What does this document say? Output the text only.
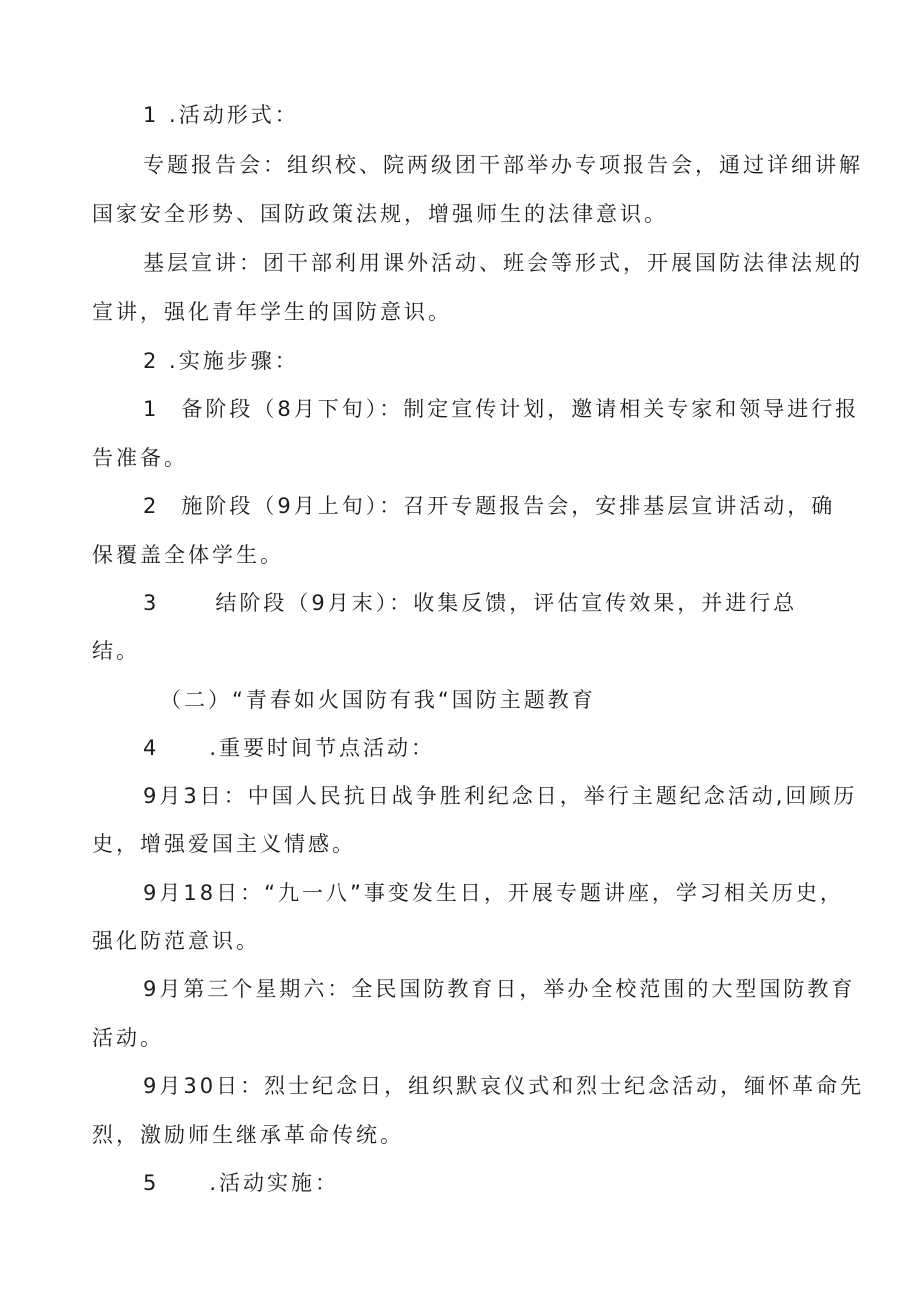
1 .活动形式：
专题报告会：组织校、院两级团干部举办专项报告会，通过详细讲解
国家安全形势、国防政策法规，增强师生的法律意识。
基层宣讲：团干部利用课外活动、班会等形式，开展国防法律法规的
宣讲，强化青年学生的国防意识。
2 .实施步骤：
1 备阶段（8月下旬）：制定宣传计划，邀请相关专家和领导进行报
告准备。
2 施阶段（9月上旬）：召开专题报告会，安排基层宣讲活动，确
保覆盖全体学生。
3	结阶段（9月末）：收集反馈，评估宣传效果，并进行总
结。
（二）“青春如火国防有我“国防主题教育
4 .重要时间节点活动：
9月3日：中国人民抗日战争胜利纪念日，举行主题纪念活动,回顾历
史，增强爱国主义情感。
9月18日：“九一八”事变发生日，开展专题讲座，学习相关历史，
强化防范意识。
9月第三个星期六：全民国防教育日，举办全校范围的大型国防教育
活动。
9月30日：烈士纪念日，组织默哀仪式和烈士纪念活动，缅怀革命先
烈，激励师生继承革命传统。
5 .活动实施：
